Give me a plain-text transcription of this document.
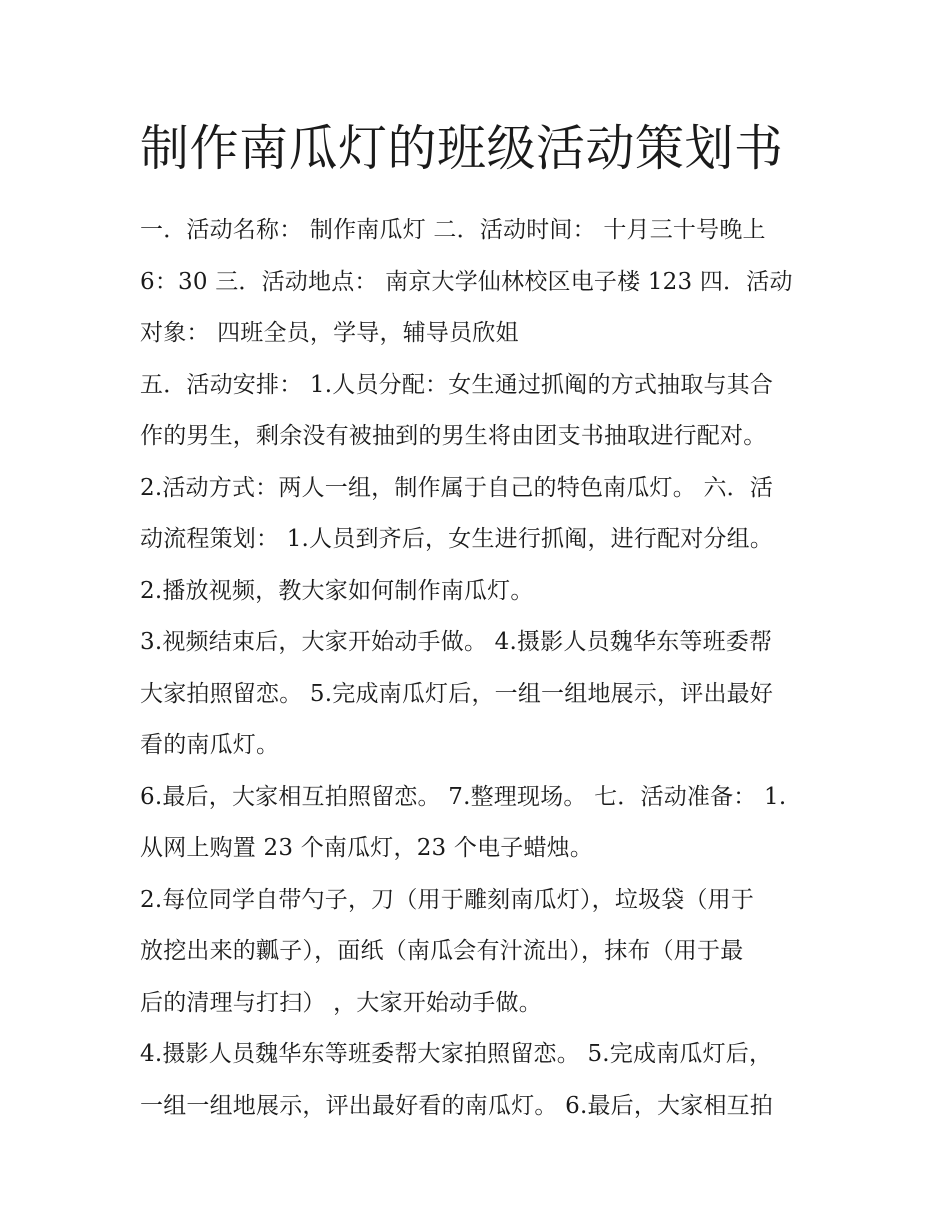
制作南瓜灯的班级活动策划书
一．活动名称： 制作南瓜灯 二．活动时间： 十月三十号晚上
6：30 三．活动地点： 南京大学仙林校区电子楼 123 四．活动
对象： 四班全员，学导，辅导员欣姐
五．活动安排： 1.人员分配：女生通过抓阄的方式抽取与其合
作的男生，剩余没有被抽到的男生将由团支书抽取进行配对。
2.活动方式：两人一组，制作属于自己的特色南瓜灯。 六．活
动流程策划： 1.人员到齐后，女生进行抓阄，进行配对分组。
2.播放视频，教大家如何制作南瓜灯。
3.视频结束后，大家开始动手做。 4.摄影人员魏华东等班委帮
大家拍照留恋。 5.完成南瓜灯后，一组一组地展示，评出最好
看的南瓜灯。
6.最后，大家相互拍照留恋。 7.整理现场。 七．活动准备： 1.
从网上购置 23 个南瓜灯，23 个电子蜡烛。
2.每位同学自带勺子，刀（用于雕刻南瓜灯），垃圾袋（用于
放挖出来的瓤子），面纸（南瓜会有汁流出），抹布（用于最
后的清理与打扫） ，大家开始动手做。
4.摄影人员魏华东等班委帮大家拍照留恋。 5.完成南瓜灯后，
一组一组地展示，评出最好看的南瓜灯。 6.最后，大家相互拍
